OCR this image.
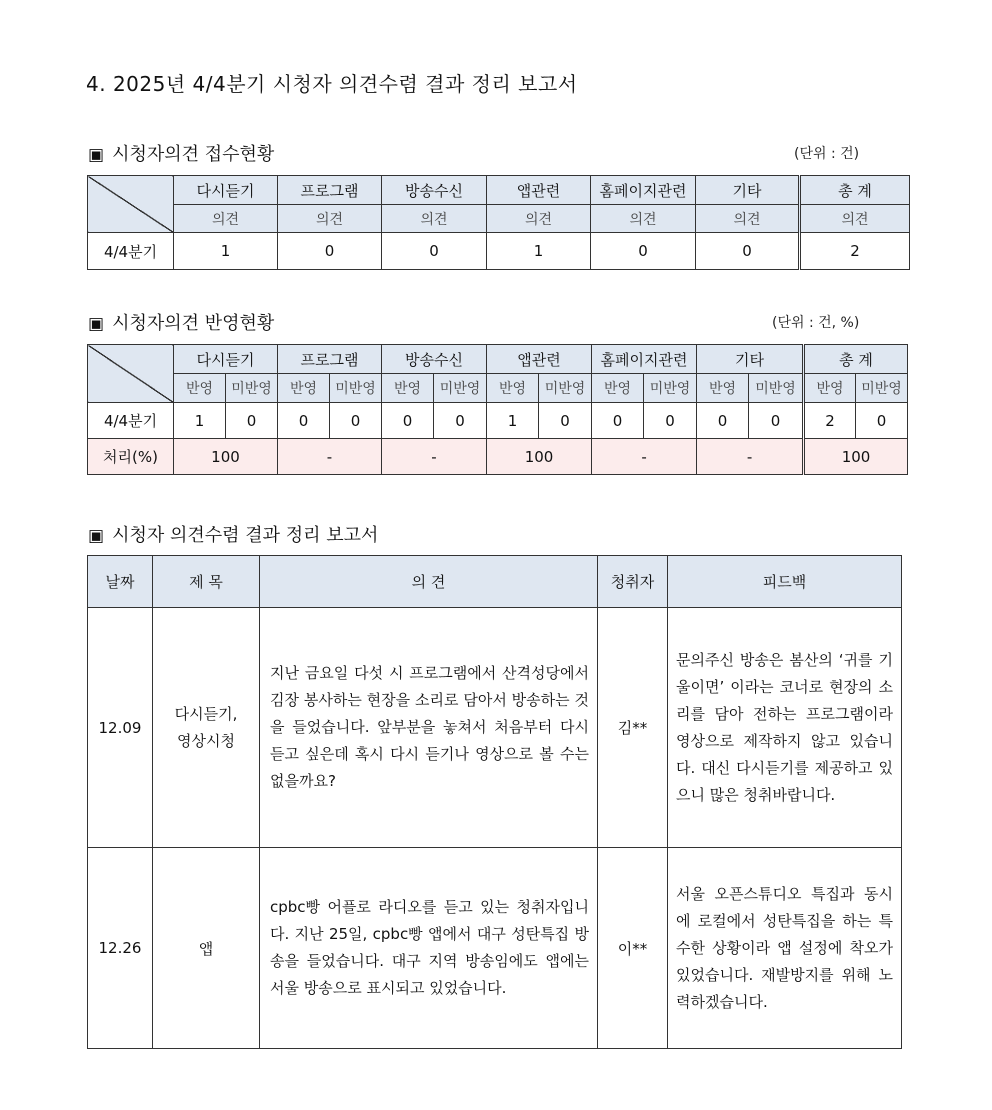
4. 2025년 4/4분기 시청자 의견수렴 결과 정리 보고서
▣ 시청자의견 접수현황	(단위 : 건)
	다시듣기	프로그램	방송수신	앱관련	홈페이지관련	기타	총 계
	의견	의견	의견	의견	의견	의견	의견
4/4분기	1	0	0	1	0	0	2
▣ 시청자의견 반영현황	(단위 : 건, %)
	다시듣기		프로그램		방송수신		앱관련		홈페이지관련		기타		총 계	
	반영	미반영	반영	미반영	반영	미반영	반영	미반영	반영	미반영	반영	미반영	반영	미반영
4/4분기	1	0	0	0	0	0	1	0	0	0	0	0	2	0
처리(%)	100		-		-		100		-		-		100	
▣ 시청자 의견수렴 결과 정리 보고서
날짜	제 목	의 견	청취자	피드백
12.09	다시듣기,
영상시청	지난 금요일 다섯 시 프로그램에서 산격성당에서 김장 봉사하는 현장을 소리로 담아서 방송하는 것을 들었습니다. 앞부분을 놓쳐서 처음부터 다시 듣고 싶은데 혹시 다시 듣기나 영상으로 볼 수는 없을까요?	김**	문의주신 방송은 봄산의 ‘귀를 기울이면’ 이라는 코너로 현장의 소리를 담아 전하는 프로그램이라 영상으로 제작하지 않고 있습니다. 대신 다시듣기를 제공하고 있으니 많은 청취바랍니다.
12.26	앱	cpbc빵 어플로 라디오를 듣고 있는 청취자입니다. 지난 25일, cpbc빵 앱에서 대구 성탄특집 방송을 들었습니다. 대구 지역 방송임에도 앱에는 서울 방송으로 표시되고 있었습니다.	이**	서울 오픈스튜디오 특집과 동시에 로컬에서 성탄특집을 하는 특수한 상황이라 앱 설정에 착오가 있었습니다. 재발방지를 위해 노력하겠습니다.
